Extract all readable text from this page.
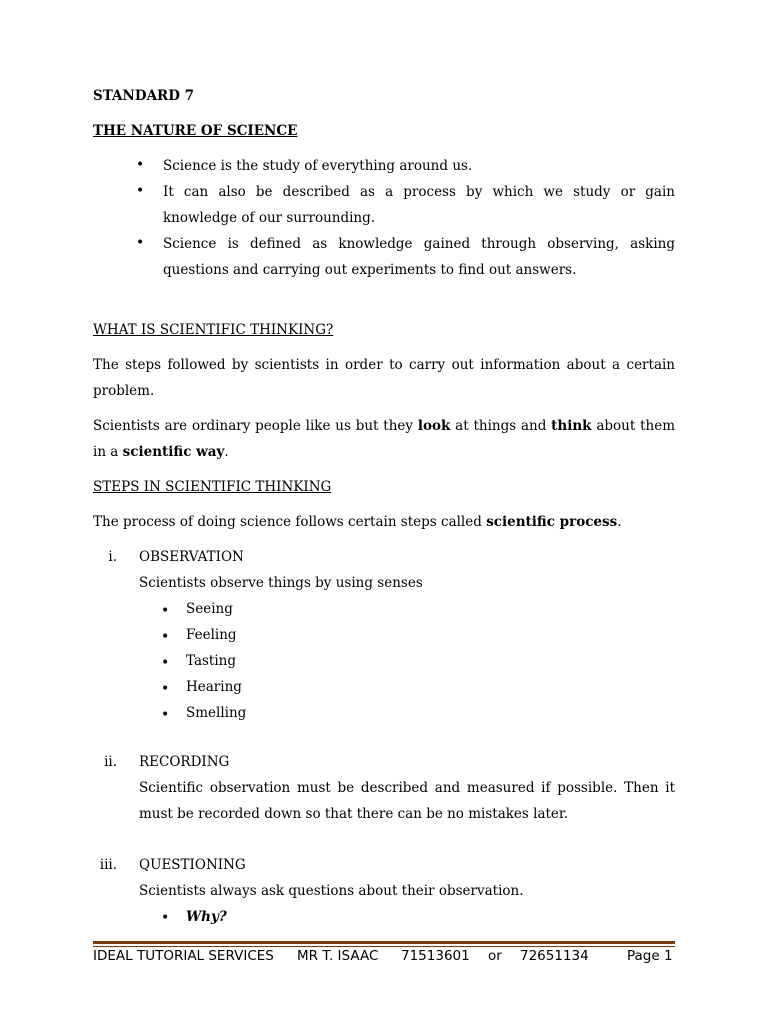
STANDARD 7
THE NATURE OF SCIENCE
• Science is the study of everything around us.
• It can also be described as a process by which we study or gain knowledge of our surrounding.
• Science is defined as knowledge gained through observing, asking questions and carrying out experiments to find out answers.
WHAT IS SCIENTIFIC THINKING?
The steps followed by scientists in order to carry out information about a certain problem.
Scientists are ordinary people like us but they look at things and think about them in a scientific way.
STEPS IN SCIENTIFIC THINKING
The process of doing science follows certain steps called scientific process.
i. OBSERVATION
Scientists observe things by using senses
• Seeing
• Feeling
• Tasting
• Hearing
• Smelling
ii. RECORDING
Scientific observation must be described and measured if possible. Then it must be recorded down so that there can be no mistakes later.
iii. QUESTIONING
Scientists always ask questions about their observation.
• Why?
IDEAL TUTORIAL SERVICES MR T. ISAAC 71513601 or 72651134	Page 1
